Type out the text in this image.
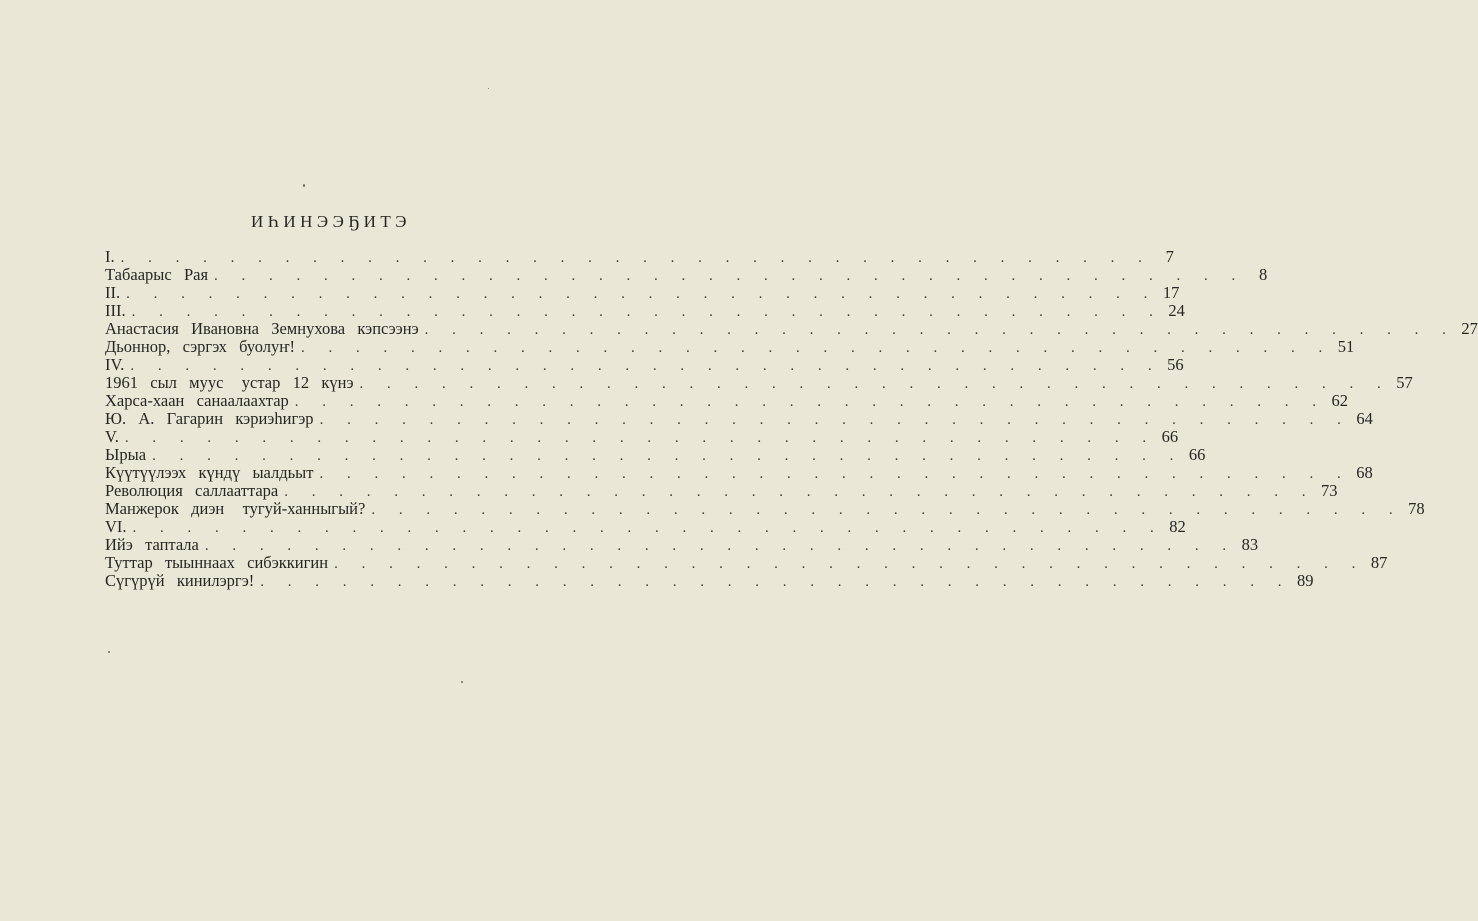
ИҺИНЭЭҔИТЭ
I. . . . . . . . . . . . . . . . . . . . . . . . . . . . . . . . . . . . . . . 7
Табаарыс  Рая . . . . . . . . . . . . . . . . . . . . . . . . . . . . . . . . . . . . . . 8
II. . . . . . . . . . . . . . . . . . . . . . . . . . . . . . . . . . . . . . . 17
III. . . . . . . . . . . . . . . . . . . . . . . . . . . . . . . . . . . . . . . 24
Анастасия  Ивановна  Земнухова  кэпсээнэ . . . . . . . . . . . . . . . . . . . . . . . . . . . . . . . . . . . . . . 27
Дьоннор,  сэргэх  буолуҥ! . . . . . . . . . . . . . . . . . . . . . . . . . . . . . . . . . . . . . . 51
IV. . . . . . . . . . . . . . . . . . . . . . . . . . . . . . . . . . . . . . . 56
1961  сыл  муус   устар  12  күнэ . . . . . . . . . . . . . . . . . . . . . . . . . . . . . . . . . . . . . . 57
Харса-хаан  санаалаахтар . . . . . . . . . . . . . . . . . . . . . . . . . . . . . . . . . . . . . . 62
Ю.  А.  Гагарин  кэриэһигэр . . . . . . . . . . . . . . . . . . . . . . . . . . . . . . . . . . . . . . 64
V. . . . . . . . . . . . . . . . . . . . . . . . . . . . . . . . . . . . . . . 66
Ырыа . . . . . . . . . . . . . . . . . . . . . . . . . . . . . . . . . . . . . . 66
Күүтүүлээх  күндү  ыалдьыт . . . . . . . . . . . . . . . . . . . . . . . . . . . . . . . . . . . . . . 68
Революция  саллааттара . . . . . . . . . . . . . . . . . . . . . . . . . . . . . . . . . . . . . . 73
Манжерок  диэн   тугуй-ханныгый? . . . . . . . . . . . . . . . . . . . . . . . . . . . . . . . . . . . . . . 78
VI. . . . . . . . . . . . . . . . . . . . . . . . . . . . . . . . . . . . . . . 82
Ийэ  таптала . . . . . . . . . . . . . . . . . . . . . . . . . . . . . . . . . . . . . . 83
Туттар  тыыннаах  сибэккигин . . . . . . . . . . . . . . . . . . . . . . . . . . . . . . . . . . . . . . 87
Сүгүрүй  кинилэргэ! . . . . . . . . . . . . . . . . . . . . . . . . . . . . . . . . . . . . . . 89
